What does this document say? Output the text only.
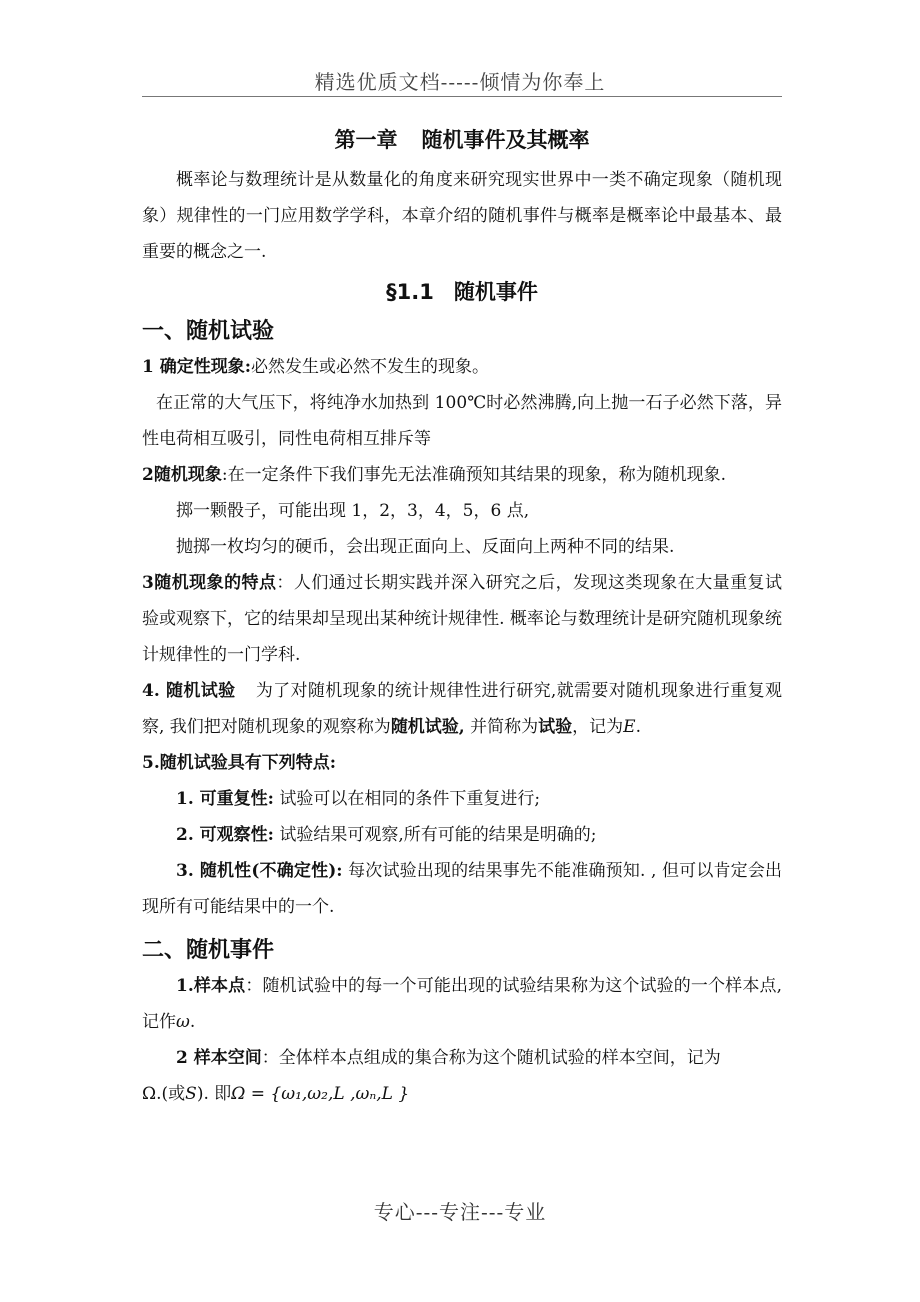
精选优质文档-----倾情为你奉上
第一章 随机事件及其概率

概率论与数理统计是从数量化的角度来研究现实世界中一类不确定现象（随机现象）规律性的一门应用数学学科，本章介绍的随机事件与概率是概率论中最基本、最重要的概念之一.

§1.1 随机事件
一、随机试验

1 确定性现象:必然发生或必然不发生的现象。

在正常的大气压下，将纯净水加热到 100℃时必然沸腾,向上抛一石子必然下落，异性电荷相互吸引，同性电荷相互排斥等

2随机现象:在一定条件下我们事先无法准确预知其结果的现象，称为随机现象.

掷一颗骰子，可能出现 1，2，3，4，5，6 点,

抛掷一枚均匀的硬币，会出现正面向上、反面向上两种不同的结果.

3随机现象的特点：人们通过长期实践并深入研究之后，发现这类现象在大量重复试验或观察下，它的结果却呈现出某种统计规律性. 概率论与数理统计是研究随机现象统计规律性的一门学科.

4. 随机试验 为了对随机现象的统计规律性进行研究,就需要对随机现象进行重复观察, 我们把对随机现象的观察称为随机试验, 并简称为试验，记为E.

5.随机试验具有下列特点:

1. 可重复性: 试验可以在相同的条件下重复进行;

2. 可观察性: 试验结果可观察,所有可能的结果是明确的;

3. 随机性(不确定性): 每次试验出现的结果事先不能准确预知. , 但可以肯定会出现所有可能结果中的一个.

二、随机事件

1.样本点：随机试验中的每一个可能出现的试验结果称为这个试验的一个样本点,记作ω.

2 样本空间：全体样本点组成的集合称为这个随机试验的样本空间，记为

Ω.(或S). 即Ω = {ω₁,ω₂,L ,ωₙ,L }

专心---专注---专业
